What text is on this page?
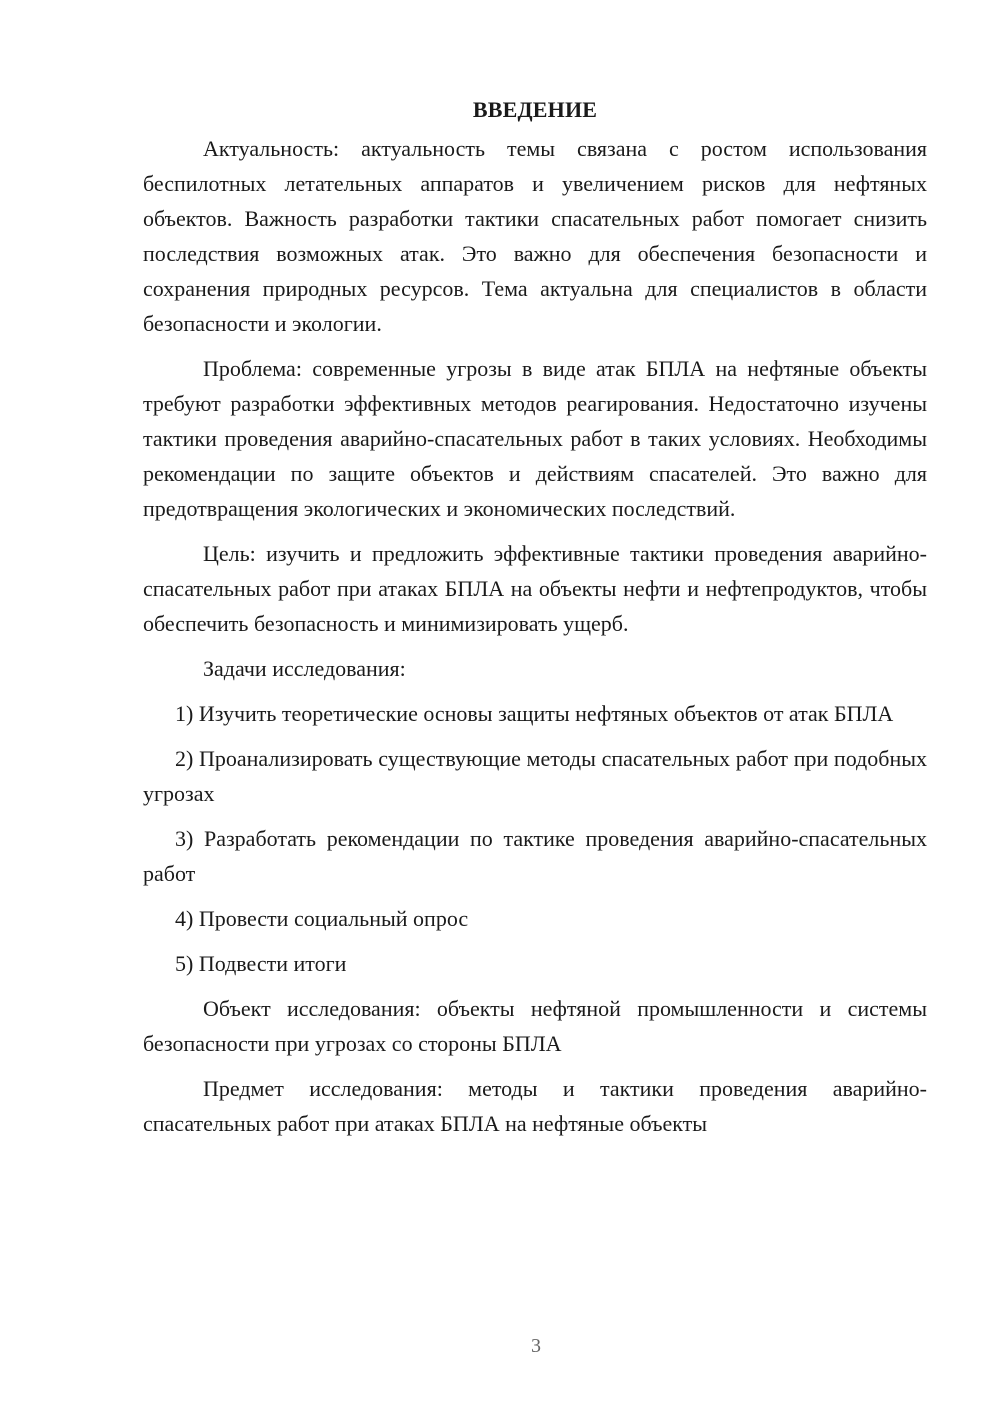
ВВЕДЕНИЕ

Актуальность: актуальность темы связана с ростом использования беспилотных летательных аппаратов и увеличением рисков для нефтяных объектов. Важность разработки тактики спасательных работ помогает снизить последствия возможных атак. Это важно для обеспечения безопасности и сохранения природных ресурсов. Тема актуальна для специалистов в области безопасности и экологии.

Проблема: современные угрозы в виде атак БПЛА на нефтяные объекты требуют разработки эффективных методов реагирования. Недостаточно изучены тактики проведения аварийно-спасательных работ в таких условиях. Необходимы рекомендации по защите объектов и действиям спасателей. Это важно для предотвращения экологических и экономических последствий.

Цель: изучить и предложить эффективные тактики проведения аварийно-спасательных работ при атаках БПЛА на объекты нефти и нефтепродуктов, чтобы обеспечить безопасность и минимизировать ущерб.

Задачи исследования:

1) Изучить теоретические основы защиты нефтяных объектов от атак БПЛА

2) Проанализировать существующие методы спасательных работ при подобных угрозах

3) Разработать рекомендации по тактике проведения аварийно-спасательных работ

4) Провести социальный опрос

5) Подвести итоги

Объект исследования: объекты нефтяной промышленности и системы безопасности при угрозах со стороны БПЛА

Предмет исследования: методы и тактики проведения аварийно-спасательных работ при атаках БПЛА на нефтяные объекты

3
